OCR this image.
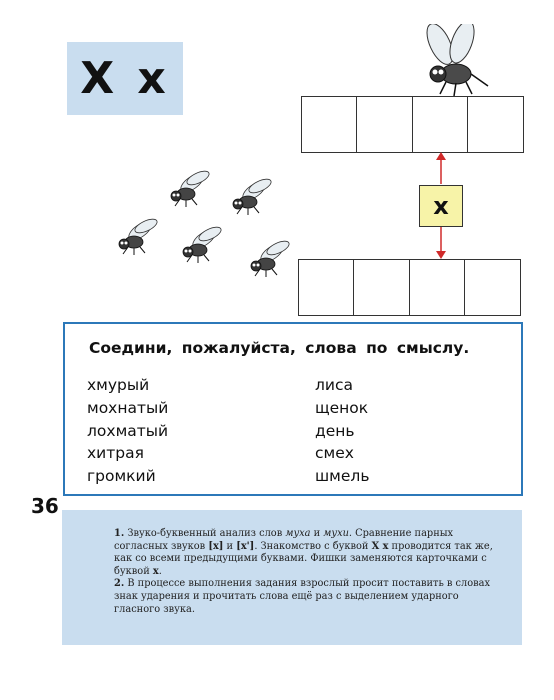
Х х
х
Соедини, пожалуйста, слова по смыслу.
хмурый
мохнатый
лохматый
хитрая
громкий
лиса
щенок
день
смех
шмель
36

1. Звуко-буквенный анализ слов муха и мухи. Сравнение парных согласных звуков [х] и [х']. Знакомство с буквой Х х проводится так же, как со всеми предыдущими буквами. Фишки заменяются карточками с буквой х.

2. В процессе выполнения задания взрослый просит поставить в словах знак ударения и прочитать слова ещё раз с выделением ударного гласного звука.
